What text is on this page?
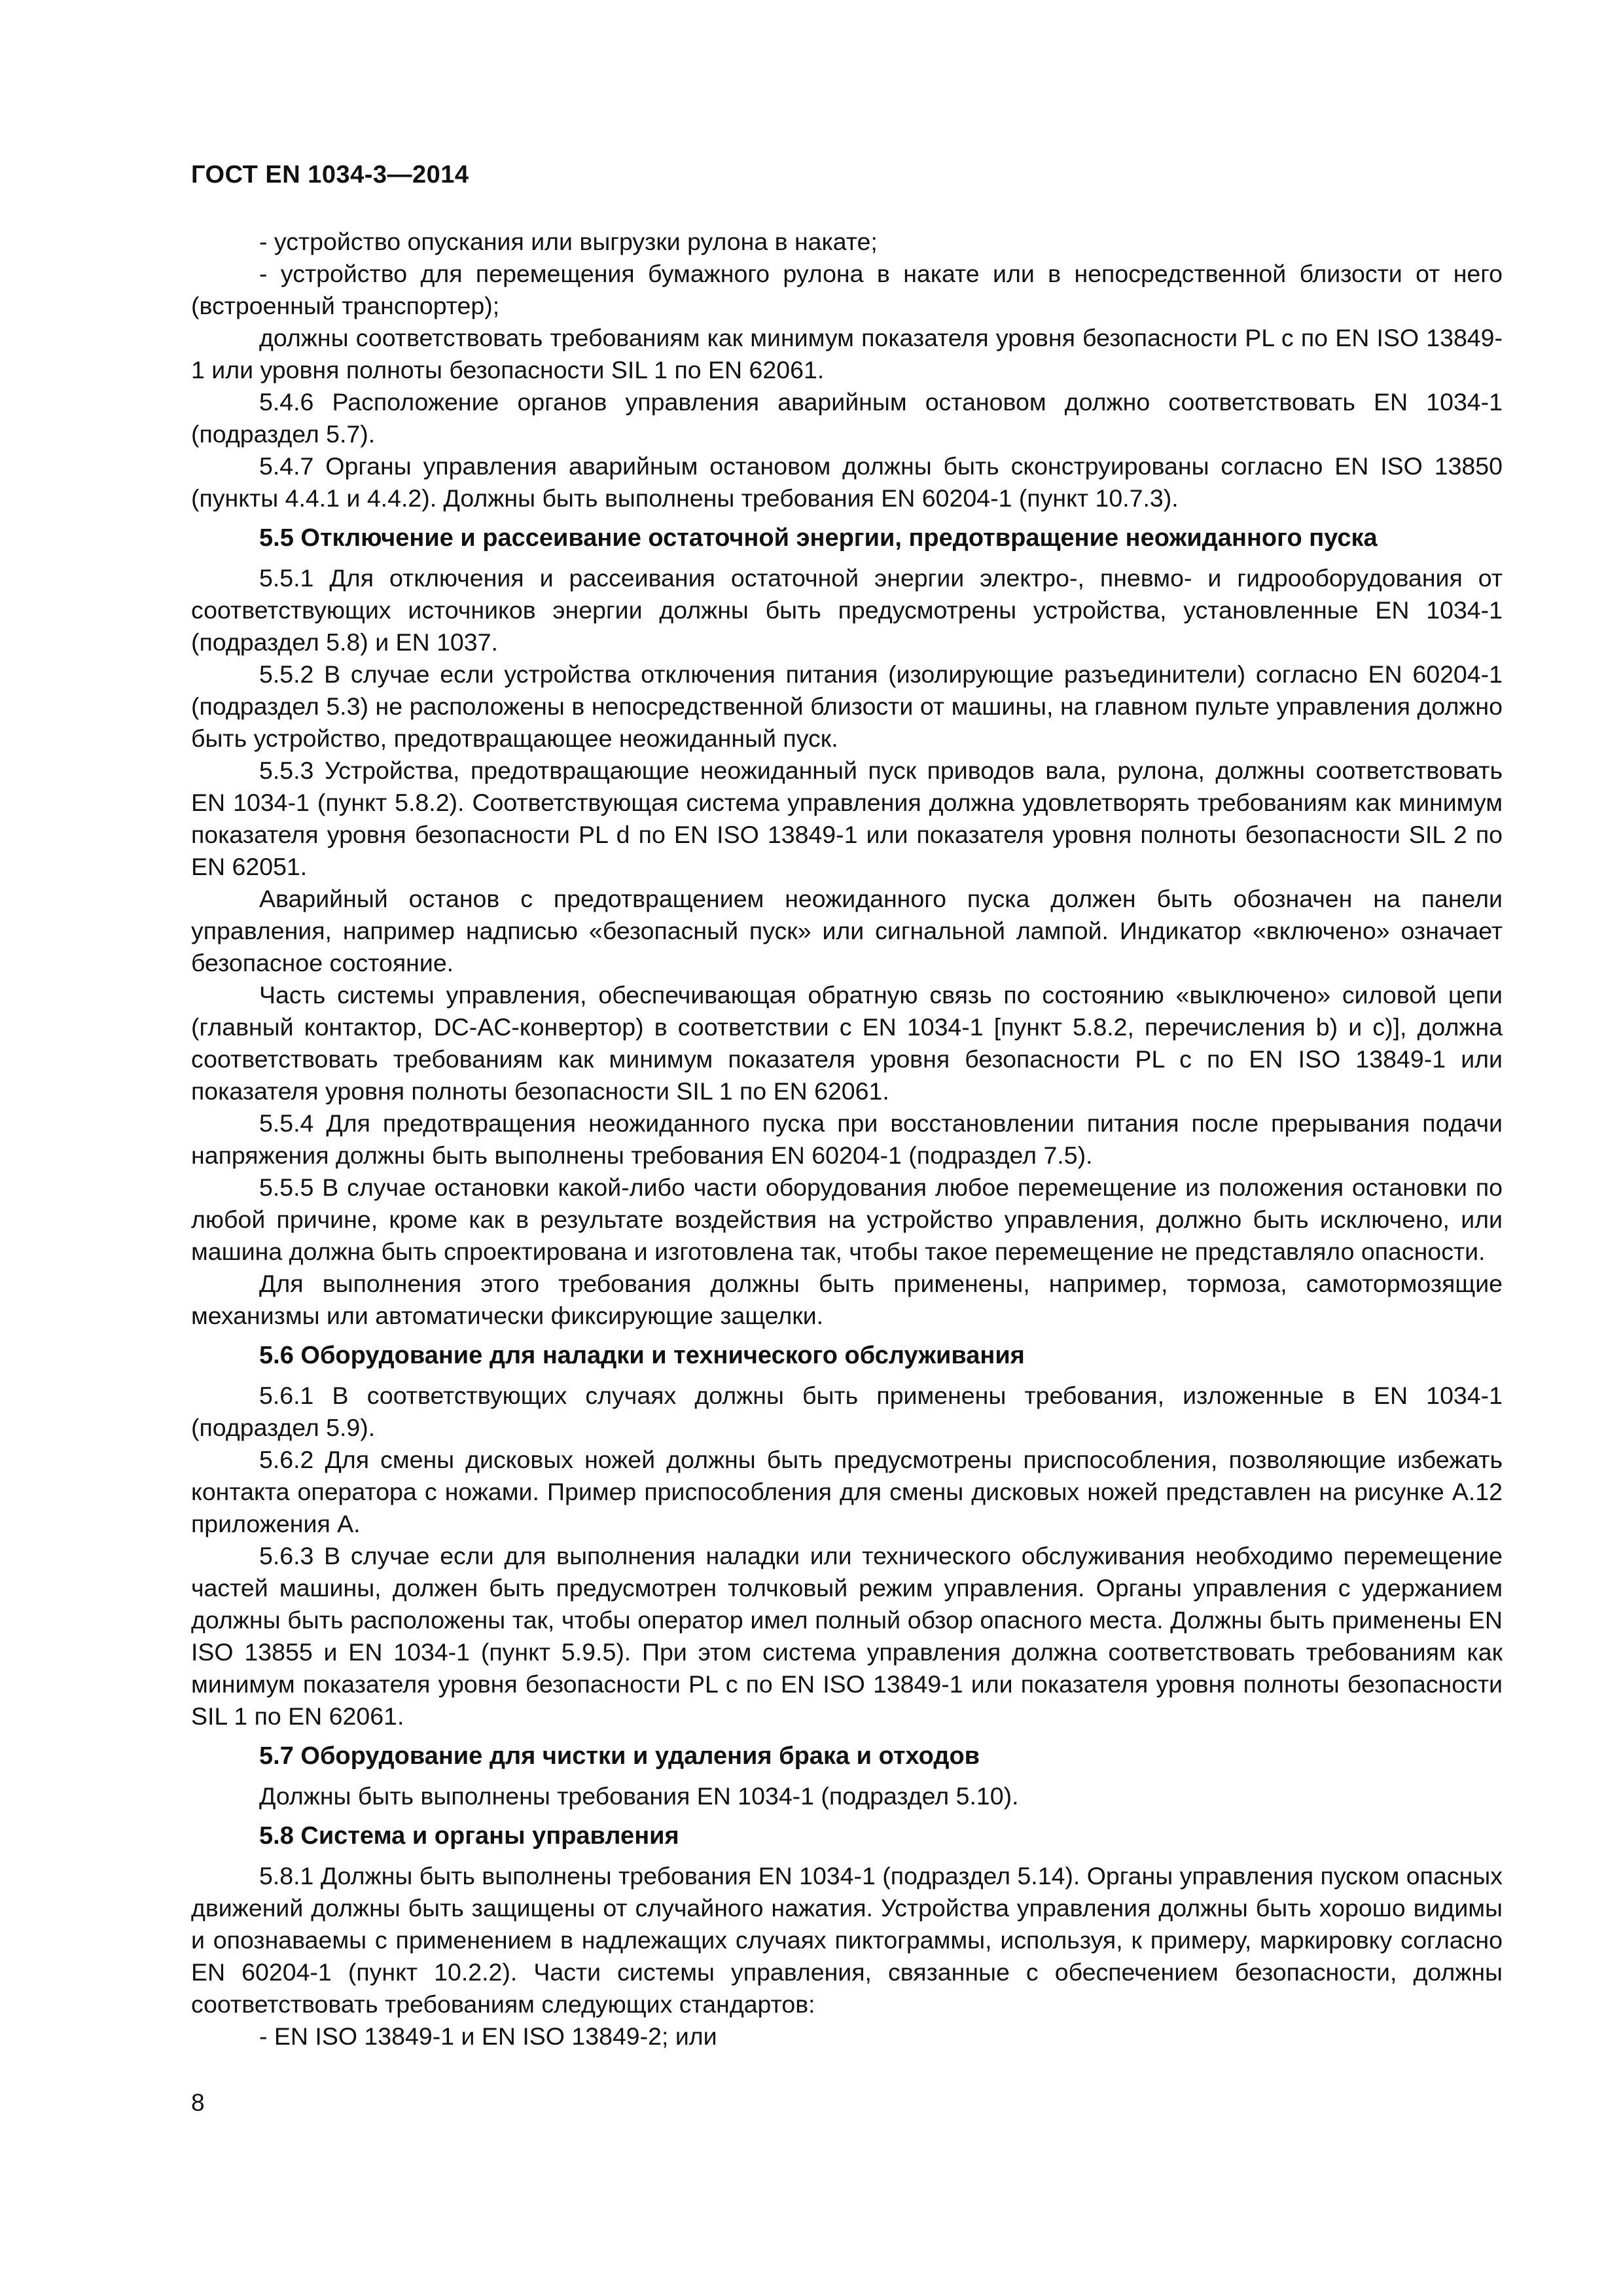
ГОСТ EN 1034-3—2014

- устройство опускания или выгрузки рулона в накате;

- устройство для перемещения бумажного рулона в накате или в непосредственной близости от него (встроенный транспортер);

должны соответствовать требованиям как минимум показателя уровня безопасности PL с по EN ISO 13849-1 или уровня полноты безопасности SIL 1 по EN 62061.

5.4.6 Расположение органов управления аварийным остановом должно соответствовать EN 1034-1 (подраздел 5.7).

5.4.7 Органы управления аварийным остановом должны быть сконструированы согласно EN ISO 13850 (пункты 4.4.1 и 4.4.2). Должны быть выполнены требования EN 60204-1 (пункт 10.7.3).

5.5 Отключение и рассеивание остаточной энергии, предотвращение неожиданного пуска

5.5.1 Для отключения и рассеивания остаточной энергии электро-, пневмо- и гидрооборудования от соответствующих источников энергии должны быть предусмотрены устройства, установленные EN 1034-1 (подраздел 5.8) и EN 1037.

5.5.2 В случае если устройства отключения питания (изолирующие разъединители) согласно EN 60204-1 (подраздел 5.3) не расположены в непосредственной близости от машины, на главном пульте управления должно быть устройство, предотвращающее неожиданный пуск.

5.5.3 Устройства, предотвращающие неожиданный пуск приводов вала, рулона, должны соответствовать EN 1034-1 (пункт 5.8.2). Соответствующая система управления должна удовлетворять требованиям как минимум показателя уровня безопасности PL d по EN ISO 13849-1 или показателя уровня полноты безопасности SIL 2 по EN 62051.

Аварийный останов с предотвращением неожиданного пуска должен быть обозначен на панели управления, например надписью «безопасный пуск» или сигнальной лампой. Индикатор «включено» означает безопасное состояние.

Часть системы управления, обеспечивающая обратную связь по состоянию «выключено» силовой цепи (главный контактор, DC-AC-конвертор) в соответствии с EN 1034-1 [пункт 5.8.2, перечисления b) и c)], должна соответствовать требованиям как минимум показателя уровня безопасности PL с по EN ISO 13849-1 или показателя уровня полноты безопасности SIL 1 по EN 62061.

5.5.4 Для предотвращения неожиданного пуска при восстановлении питания после прерывания подачи напряжения должны быть выполнены требования EN 60204-1 (подраздел 7.5).

5.5.5 В случае остановки какой-либо части оборудования любое перемещение из положения остановки по любой причине, кроме как в результате воздействия на устройство управления, должно быть исключено, или машина должна быть спроектирована и изготовлена так, чтобы такое перемещение не представляло опасности.

Для выполнения этого требования должны быть применены, например, тормоза, самотормозящие механизмы или автоматически фиксирующие защелки.

5.6 Оборудование для наладки и технического обслуживания

5.6.1 В соответствующих случаях должны быть применены требования, изложенные в EN 1034-1 (подраздел 5.9).

5.6.2 Для смены дисковых ножей должны быть предусмотрены приспособления, позволяющие избежать контакта оператора с ножами. Пример приспособления для смены дисковых ножей представлен на рисунке А.12 приложения А.

5.6.3 В случае если для выполнения наладки или технического обслуживания необходимо перемещение частей машины, должен быть предусмотрен толчковый режим управления. Органы управления с удержанием должны быть расположены так, чтобы оператор имел полный обзор опасного места. Должны быть применены EN ISO 13855 и EN 1034-1 (пункт 5.9.5). При этом система управления должна соответствовать требованиям как минимум показателя уровня безопасности PL с по EN ISO 13849-1 или показателя уровня полноты безопасности SIL 1 по EN 62061.

5.7 Оборудование для чистки и удаления брака и отходов

Должны быть выполнены требования EN 1034-1 (подраздел 5.10).

5.8 Система и органы управления

5.8.1 Должны быть выполнены требования EN 1034-1 (подраздел 5.14). Органы управления пуском опасных движений должны быть защищены от случайного нажатия. Устройства управления должны быть хорошо видимы и опознаваемы с применением в надлежащих случаях пиктограммы, используя, к примеру, маркировку согласно EN 60204-1 (пункт 10.2.2). Части системы управления, связанные с обеспечением безопасности, должны соответствовать требованиям следующих стандартов:

- EN ISO 13849-1 и EN ISO 13849-2; или

8
